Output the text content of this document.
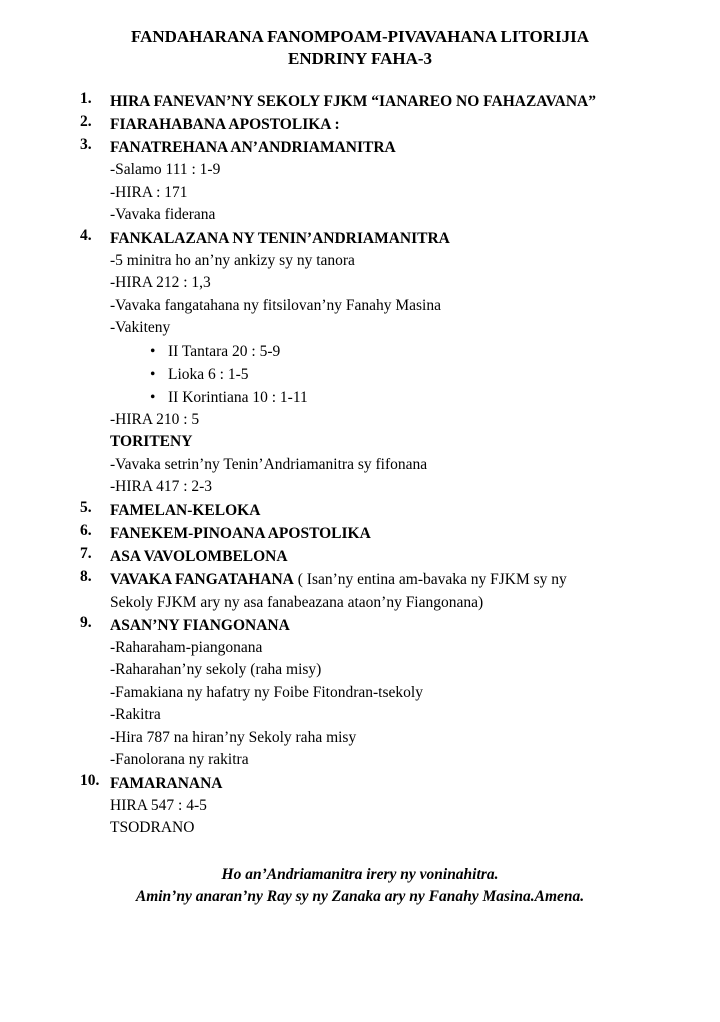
FANDAHARANA FANOMPOAM-PIVAVAHANA LITORIJIA
ENDRINY FAHA-3
1. HIRA FANEVAN’NY SEKOLY FJKM “IANAREO NO FAHAZAVANA”
2. FIARAHABANA APOSTOLIKA :
3. FANATREHANA AN’ANDRIAMANITRA
-Salamo 111 : 1-9
-HIRA : 171
-Vavaka fiderana
4. FANKALAZANA NY TENIN’ANDRIAMANITRA
-5 minitra ho an’ny ankizy sy ny tanora
-HIRA 212 : 1,3
-Vavaka fangatahana ny fitsilovan’ny Fanahy Masina
-Vakiteny
• II Tantara 20 : 5-9
• Lioka 6 : 1-5
• II Korintiana 10 : 1-11
-HIRA 210 : 5
TORITENY
-Vavaka setrin’ny Tenin’Andriamanitra sy fifonana
-HIRA 417 : 2-3
5. FAMELAN-KELOKA
6. FANEKEM-PINOANA APOSTOLIKA
7. ASA VAVOLOMBELONA
8. VAVAKA FANGATAHANA ( Isan’ny entina am-bavaka ny FJKM sy ny
Sekoly FJKM ary ny asa fanabeazana ataon’ny Fiangonana)
9. ASAN’NY FIANGONANA
-Raharaham-piangonana
-Raharahan’ny sekoly (raha misy)
-Famakiana ny hafatry ny Foibe Fitondran-tsekoly
-Rakitra
-Hira 787 na hiran’ny Sekoly raha misy
-Fanolorana ny rakitra
10. FAMARANANA
HIRA 547 : 4-5
TSODRANO
Ho an’Andriamanitra irery ny voninahitra.
Amin’ny anaran’ny Ray sy ny Zanaka ary ny Fanahy Masina.Amena.
